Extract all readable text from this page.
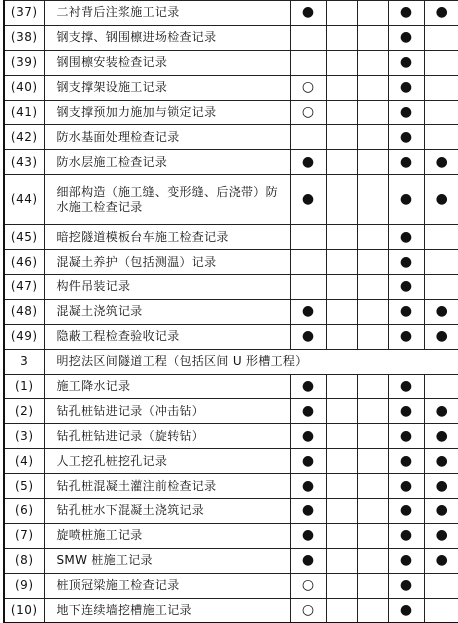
(37)	二衬背后注浆施工记录	●			●	●
(38)	钢支撑、钢围檩进场检查记录				●	
(39)	钢围檩安装检查记录				●	
(40)	钢支撑架设施工记录	○			●	
(41)	钢支撑预加力施加与锁定记录	○			●	
(42)	防水基面处理检查记录				●	
(43)	防水层施工检查记录	●			●	●
(44)	细部构造（施工缝、变形缝、后浇带）防水施工检查记录	●			●	●
(45)	暗挖隧道模板台车施工检查记录				●	
(46)	混凝土养护（包括测温）记录				●	
(47)	构件吊装记录				●	
(48)	混凝土浇筑记录	●			●	●
(49)	隐蔽工程检查验收记录	●			●	●
3	明挖法区间隧道工程（包括区间 U 形槽工程）					
(1)	施工降水记录	●			●	
(2)	钻孔桩钻进记录（冲击钻）	●			●	●
(3)	钻孔桩钻进记录（旋转钻）	●			●	●
(4)	人工挖孔桩挖孔记录	●			●	●
(5)	钻孔桩混凝土灌注前检查记录	●			●	●
(6)	钻孔桩水下混凝土浇筑记录	●			●	●
(7)	旋喷桩施工记录	●			●	●
(8)	SMW 桩施工记录	●			●	●
(9)	桩顶冠梁施工检查记录	○			●	
(10)	地下连续墙挖槽施工记录	○			●	
